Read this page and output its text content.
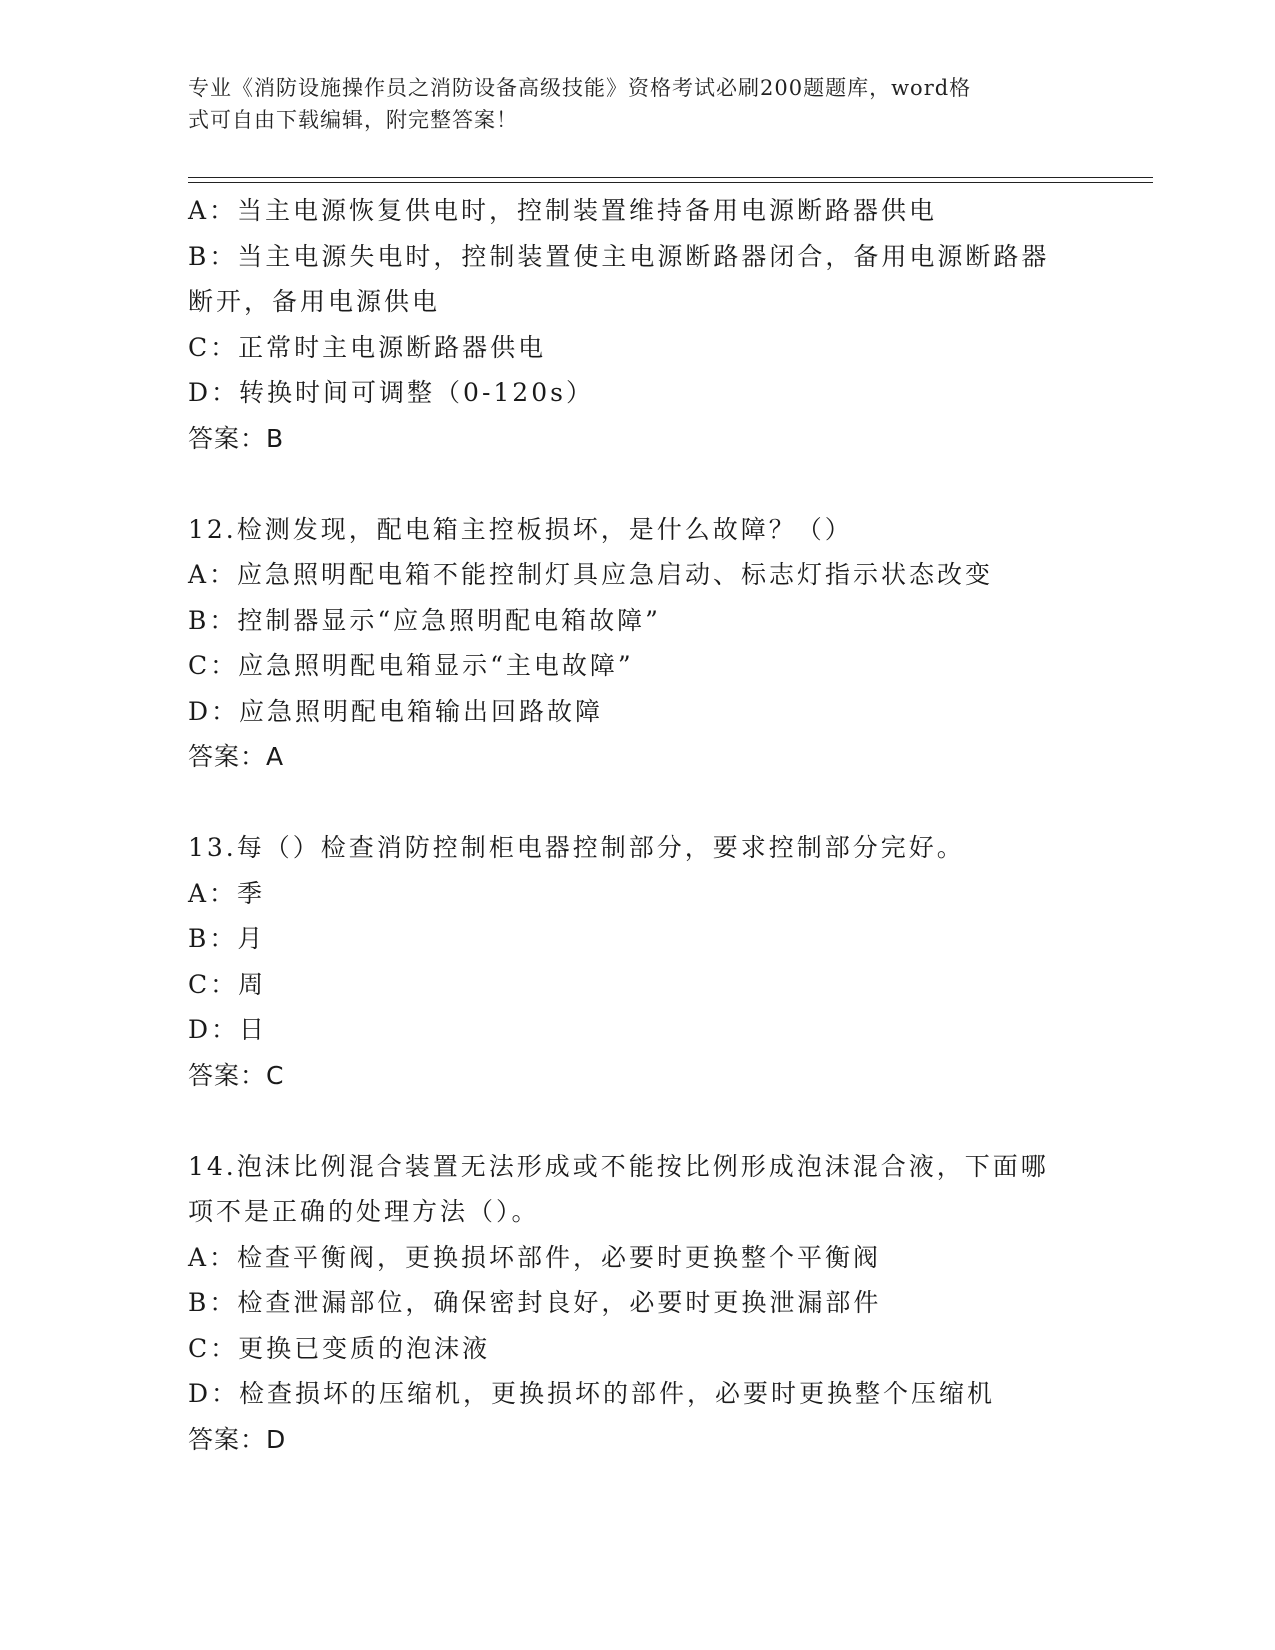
专业《消防设施操作员之消防设备高级技能》资格考试必刷200题题库，word格
式可自由下载编辑，附完整答案！
A：当主电源恢复供电时，控制装置维持备用电源断路器供电
B：当主电源失电时，控制装置使主电源断路器闭合，备用电源断路器
断开，备用电源供电
C：正常时主电源断路器供电
D：转换时间可调整（0-120s）
答案：B
12.检测发现，配电箱主控板损坏，是什么故障？（）
A：应急照明配电箱不能控制灯具应急启动、标志灯指示状态改变
B：控制器显示“应急照明配电箱故障”
C：应急照明配电箱显示“主电故障”
D：应急照明配电箱输出回路故障
答案：A
13.每（）检查消防控制柜电器控制部分，要求控制部分完好。
A：季
B：月
C：周
D：日
答案：C
14.泡沫比例混合装置无法形成或不能按比例形成泡沫混合液，下面哪
项不是正确的处理方法（）。
A：检查平衡阀，更换损坏部件，必要时更换整个平衡阀
B：检查泄漏部位，确保密封良好，必要时更换泄漏部件
C：更换已变质的泡沫液
D：检查损坏的压缩机，更换损坏的部件，必要时更换整个压缩机
答案：D
